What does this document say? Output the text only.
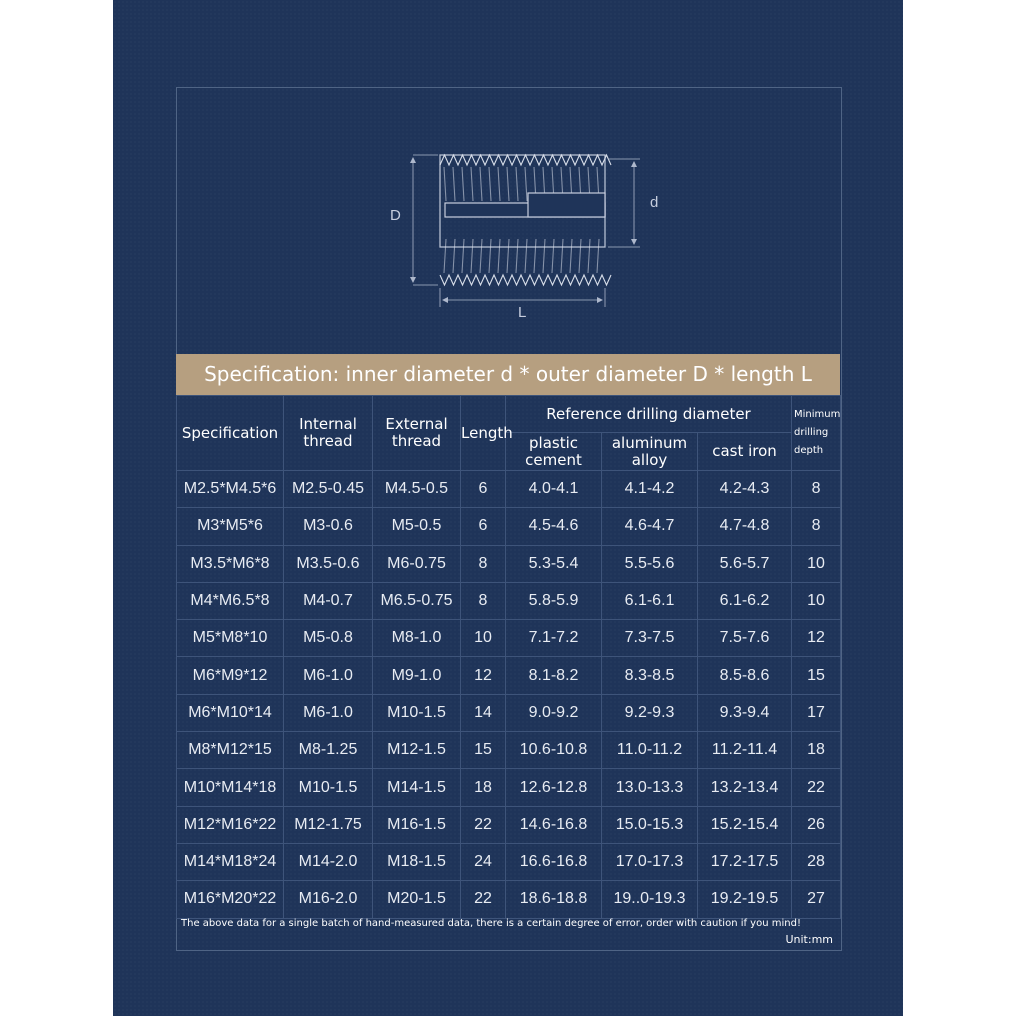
D
d
L
Specification: inner diameter d * outer diameter D * length L
Specification	Internal thread	External thread	Length	Reference drilling diameter			Minimum drilling depth
				plastic cement	aluminum alloy	cast iron	
M2.5*M4.5*6	M2.5-0.45	M4.5-0.5	6	4.0-4.1	4.1-4.2	4.2-4.3	8
M3*M5*6	M3-0.6	M5-0.5	6	4.5-4.6	4.6-4.7	4.7-4.8	8
M3.5*M6*8	M3.5-0.6	M6-0.75	8	5.3-5.4	5.5-5.6	5.6-5.7	10
M4*M6.5*8	M4-0.7	M6.5-0.75	8	5.8-5.9	6.1-6.1	6.1-6.2	10
M5*M8*10	M5-0.8	M8-1.0	10	7.1-7.2	7.3-7.5	7.5-7.6	12
M6*M9*12	M6-1.0	M9-1.0	12	8.1-8.2	8.3-8.5	8.5-8.6	15
M6*M10*14	M6-1.0	M10-1.5	14	9.0-9.2	9.2-9.3	9.3-9.4	17
M8*M12*15	M8-1.25	M12-1.5	15	10.6-10.8	11.0-11.2	11.2-11.4	18
M10*M14*18	M10-1.5	M14-1.5	18	12.6-12.8	13.0-13.3	13.2-13.4	22
M12*M16*22	M12-1.75	M16-1.5	22	14.6-16.8	15.0-15.3	15.2-15.4	26
M14*M18*24	M14-2.0	M18-1.5	24	16.6-16.8	17.0-17.3	17.2-17.5	28
M16*M20*22	M16-2.0	M20-1.5	22	18.6-18.8	19..0-19.3	19.2-19.5	27
The above data for a single batch of hand-measured data, there is a certain degree of error, order with caution if you mind!
Unit:mm
